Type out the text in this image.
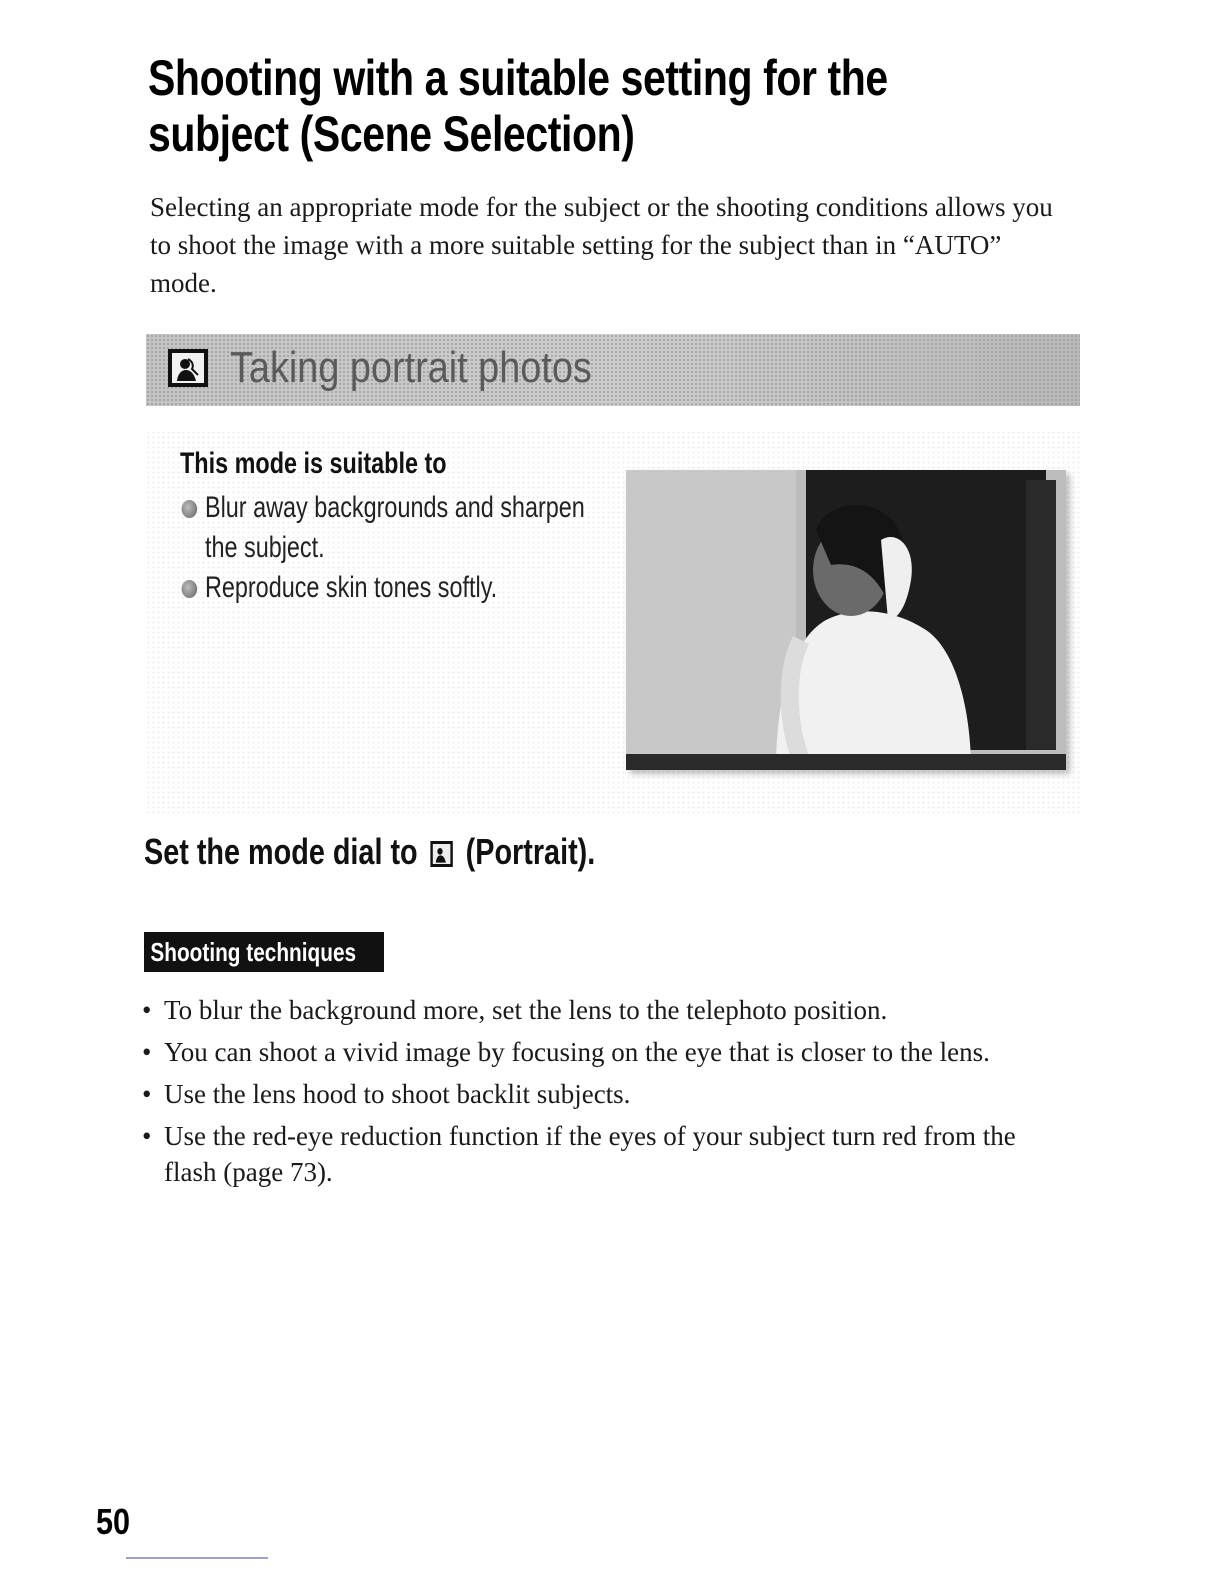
Shooting with a suitable setting for the subject (Scene Selection)

Selecting an appropriate mode for the subject or the shooting conditions allows you to shoot the image with a more suitable setting for the subject than in “AUTO” mode.

Taking portrait photos
This mode is suitable to
Blur away backgrounds and sharpen the subject.
Reproduce skin tones softly.
Set the mode dial to (Portrait).
Shooting techniques
• To blur the background more, set the lens to the telephoto position.
• You can shoot a vivid image by focusing on the eye that is closer to the lens.
• Use the lens hood to shoot backlit subjects.
• Use the red-eye reduction function if the eyes of your subject turn red from the flash (page 73).
50
